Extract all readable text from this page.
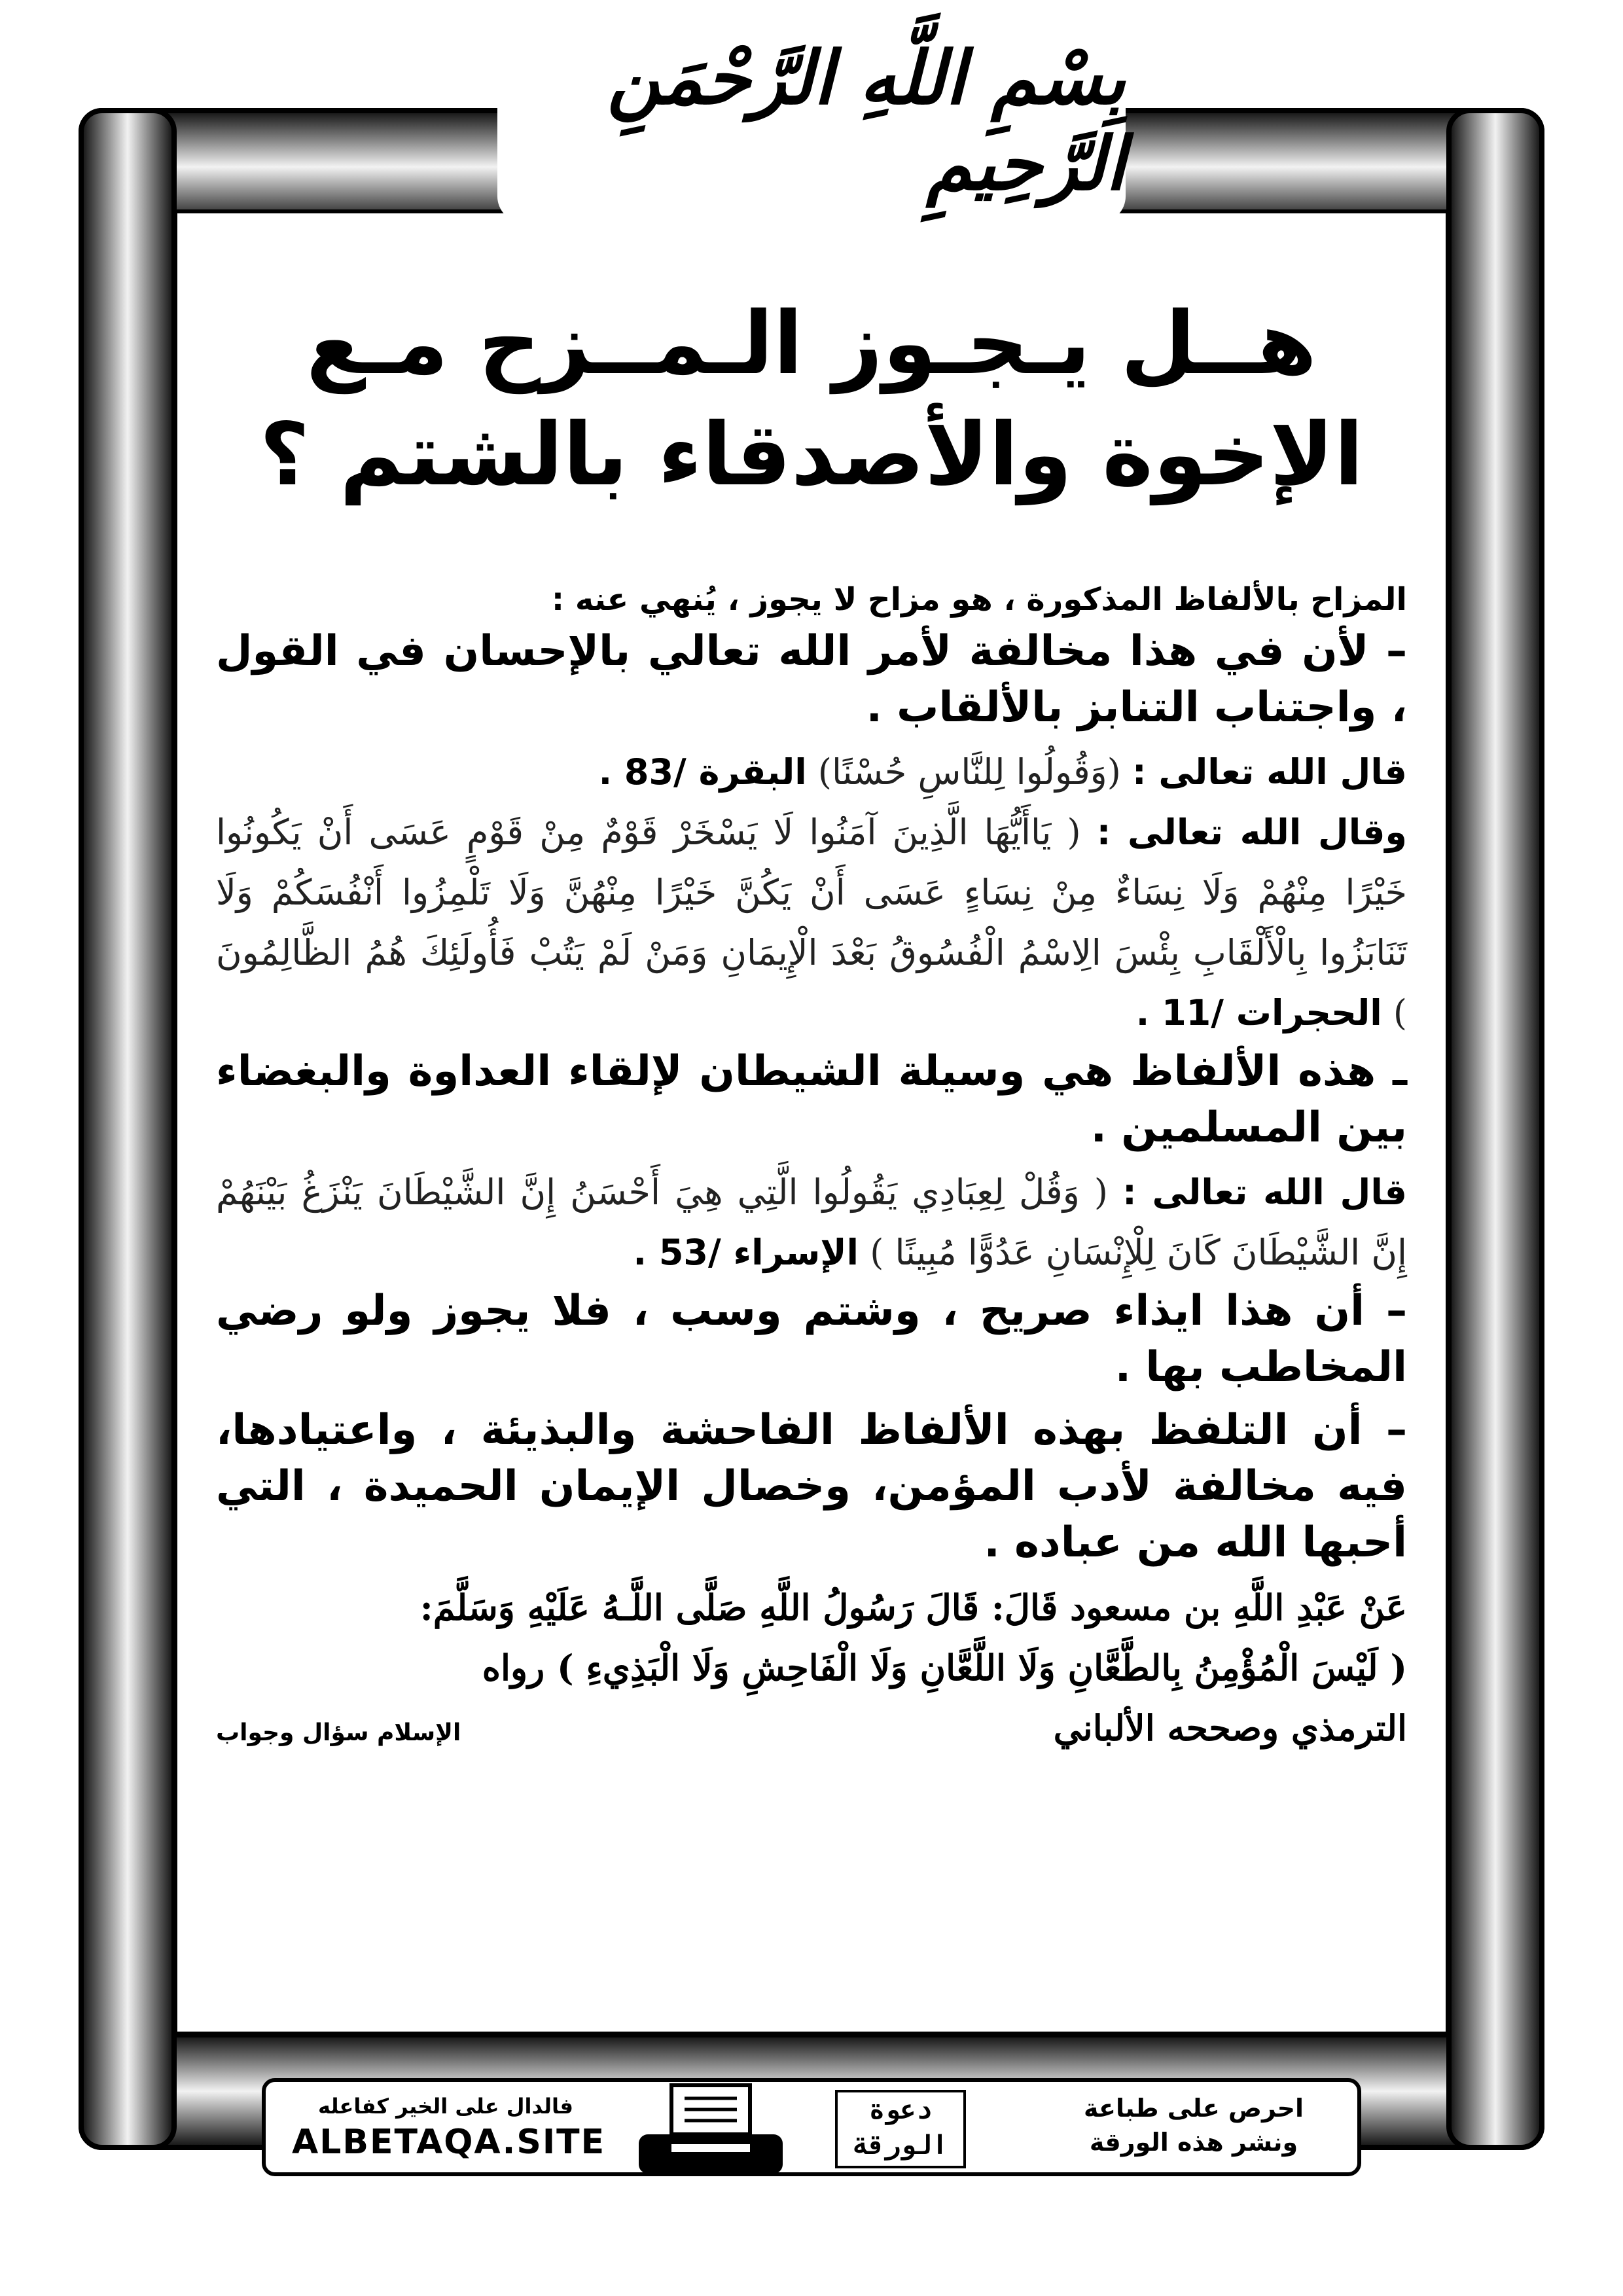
بِسْمِ اللَّهِ الرَّحْمَنِ الرَّحِيمِ
هــل يـجـوز الـمــزح مـع
الإخوة والأصدقاء بالشتم ؟

المزاح بالألفاظ المذكورة ، هو مزاح لا يجوز ، يُنهي عنه :

– لأن في هذا مخالفة لأمر الله تعالي بالإحسان في القول ، واجتناب التنابز بالألقاب .

قال الله تعالى : (وَقُولُوا لِلنَّاسِ حُسْنًا) البقرة /83 .

وقال الله تعالى : ( يَاأَيُّهَا الَّذِينَ آمَنُوا لَا يَسْخَرْ قَوْمٌ مِنْ قَوْمٍ عَسَى أَنْ يَكُونُوا خَيْرًا مِنْهُمْ وَلَا نِسَاءٌ مِنْ نِسَاءٍ عَسَى أَنْ يَكُنَّ خَيْرًا مِنْهُنَّ وَلَا تَلْمِزُوا أَنْفُسَكُمْ وَلَا تَنَابَزُوا بِالْأَلْقَابِ بِئْسَ الِاسْمُ الْفُسُوقُ بَعْدَ الْإِيمَانِ وَمَنْ لَمْ يَتُبْ فَأُولَئِكَ هُمُ الظَّالِمُونَ ) الحجرات /11 .

ـ هذه الألفاظ هي وسيلة الشيطان لإلقاء العداوة والبغضاء بين المسلمين .

قال الله تعالى : ( وَقُلْ لِعِبَادِي يَقُولُوا الَّتِي هِيَ أَحْسَنُ إِنَّ الشَّيْطَانَ يَنْزَغُ بَيْنَهُمْ إِنَّ الشَّيْطَانَ كَانَ لِلْإِنْسَانِ عَدُوًّا مُبِينًا ) الإسراء /53 .

– أن هذا ايذاء صريح ، وشتم وسب ، فلا يجوز ولو رضي المخاطب بها .

– أن التلفظ بهذه الألفاظ الفاحشة والبذيئة ، واعتيادها، فيه مخالفة لأدب المؤمن، وخصال الإيمان الحميدة ، التي أحبها الله من عباده .

عَنْ عَبْدِ اللَّهِ بن مسعود قَالَ: قَالَ رَسُولُ اللَّهِ صَلَّى اللَّـهُ عَلَيْهِ وَسَلَّمَ:

( لَيْسَ الْمُؤْمِنُ بِالطَّعَّانِ وَلَا اللَّعَّانِ وَلَا الْفَاحِشِ وَلَا الْبَذِيءِ ) رواه

الترمذي وصححه الألباني
الإسلام سؤال وجواب
احرص على طباعة
ونشر هذه الورقة
دعوة
الورقة
فالدال على الخير كفاعله
ALBETAQA.SITE
